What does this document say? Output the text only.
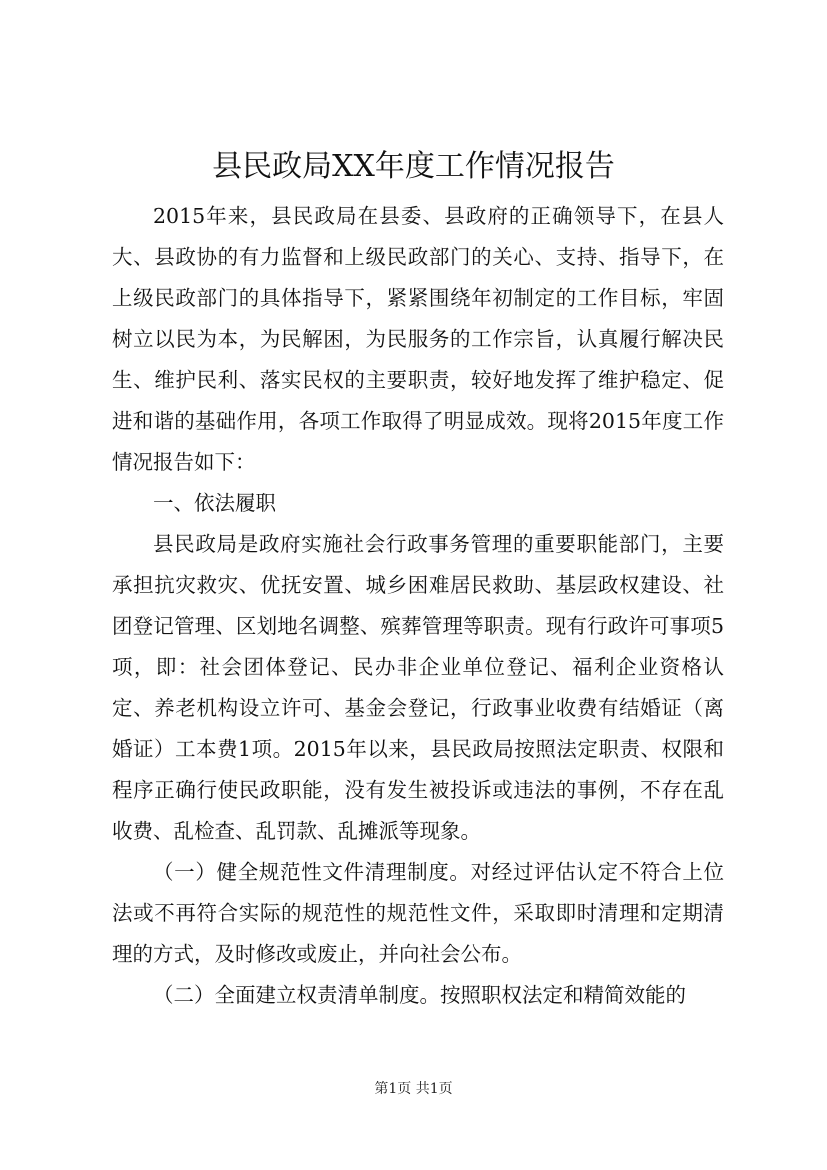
县民政局XX年度工作情况报告

2015年来，县民政局在县委、县政府的正确领导下，在县人大、县政协的有力监督和上级民政部门的关心、支持、指导下，在上级民政部门的具体指导下，紧紧围绕年初制定的工作目标，牢固树立以民为本，为民解困，为民服务的工作宗旨，认真履行解决民生、维护民利、落实民权的主要职责，较好地发挥了维护稳定、促进和谐的基础作用，各项工作取得了明显成效。现将2015年度工作情况报告如下：

一、依法履职

县民政局是政府实施社会行政事务管理的重要职能部门，主要承担抗灾救灾、优抚安置、城乡困难居民救助、基层政权建设、社团登记管理、区划地名调整、殡葬管理等职责。现有行政许可事项5项，即：社会团体登记、民办非企业单位登记、福利企业资格认定、养老机构设立许可、基金会登记，行政事业收费有结婚证（离婚证）工本费1项。2015年以来，县民政局按照法定职责、权限和程序正确行使民政职能，没有发生被投诉或违法的事例，不存在乱收费、乱检查、乱罚款、乱摊派等现象。

（一）健全规范性文件清理制度。对经过评估认定不符合上位法或不再符合实际的规范性的规范性文件，采取即时清理和定期清理的方式，及时修改或废止，并向社会公布。

（二）全面建立权责清单制度。按照职权法定和精简效能的

第1页 共1页
